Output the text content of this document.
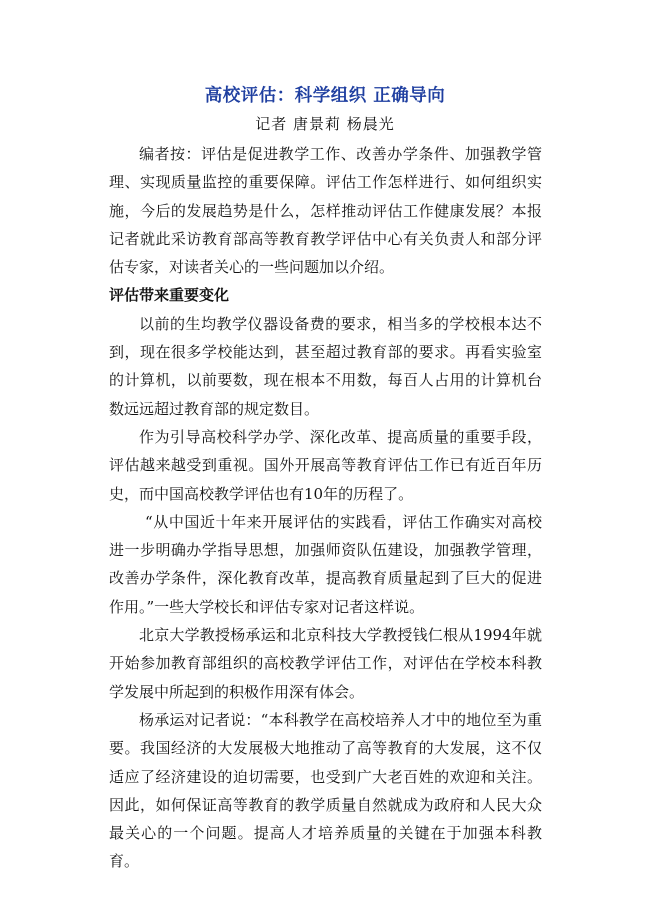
高校评估：科学组织 正确导向
记者 唐景莉 杨晨光

编者按：评估是促进教学工作、改善办学条件、加强教学管理、实现质量监控的重要保障。评估工作怎样进行、如何组织实施，今后的发展趋势是什么，怎样推动评估工作健康发展？本报记者就此采访教育部高等教育教学评估中心有关负责人和部分评估专家，对读者关心的一些问题加以介绍。

评估带来重要变化

以前的生均教学仪器设备费的要求，相当多的学校根本达不到，现在很多学校能达到，甚至超过教育部的要求。再看实验室的计算机，以前要数，现在根本不用数，每百人占用的计算机台数远远超过教育部的规定数目。

作为引导高校科学办学、深化改革、提高质量的重要手段，评估越来越受到重视。国外开展高等教育评估工作已有近百年历史，而中国高校教学评估也有10年的历程了。

“从中国近十年来开展评估的实践看，评估工作确实对高校进一步明确办学指导思想，加强师资队伍建设，加强教学管理，改善办学条件，深化教育改革，提高教育质量起到了巨大的促进作用。”一些大学校长和评估专家对记者这样说。

北京大学教授杨承运和北京科技大学教授钱仁根从1994年就开始参加教育部组织的高校教学评估工作，对评估在学校本科教学发展中所起到的积极作用深有体会。

杨承运对记者说：“本科教学在高校培养人才中的地位至为重要。我国经济的大发展极大地推动了高等教育的大发展，这不仅适应了经济建设的迫切需要，也受到广大老百姓的欢迎和关注。因此，如何保证高等教育的教学质量自然就成为政府和人民大众最关心的一个问题。提高人才培养质量的关键在于加强本科教育。
